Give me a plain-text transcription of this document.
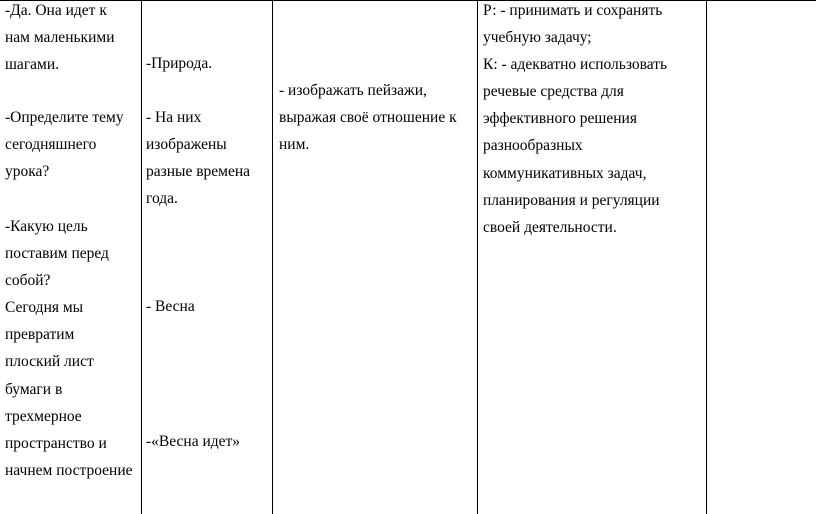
-Да. Она идет к
нам маленькими
шагами.
-Определите тему
сегодняшнего
урока?
-Какую цель
поставим перед
собой?
Сегодня мы
превратим
плоский лист
бумаги в
трехмерное
пространство и
начнем построение
-Природа.
- На них
изображены
разные времена
года.
- Весна
-«Весна идет»
- изображать пейзажи,
выражая своё отношение к
ним.
Р: - принимать и сохранять
учебную задачу;
К: - адекватно использовать
речевые средства для
эффективного решения
разнообразных
коммуникативных задач,
планирования и регуляции
своей деятельности.
